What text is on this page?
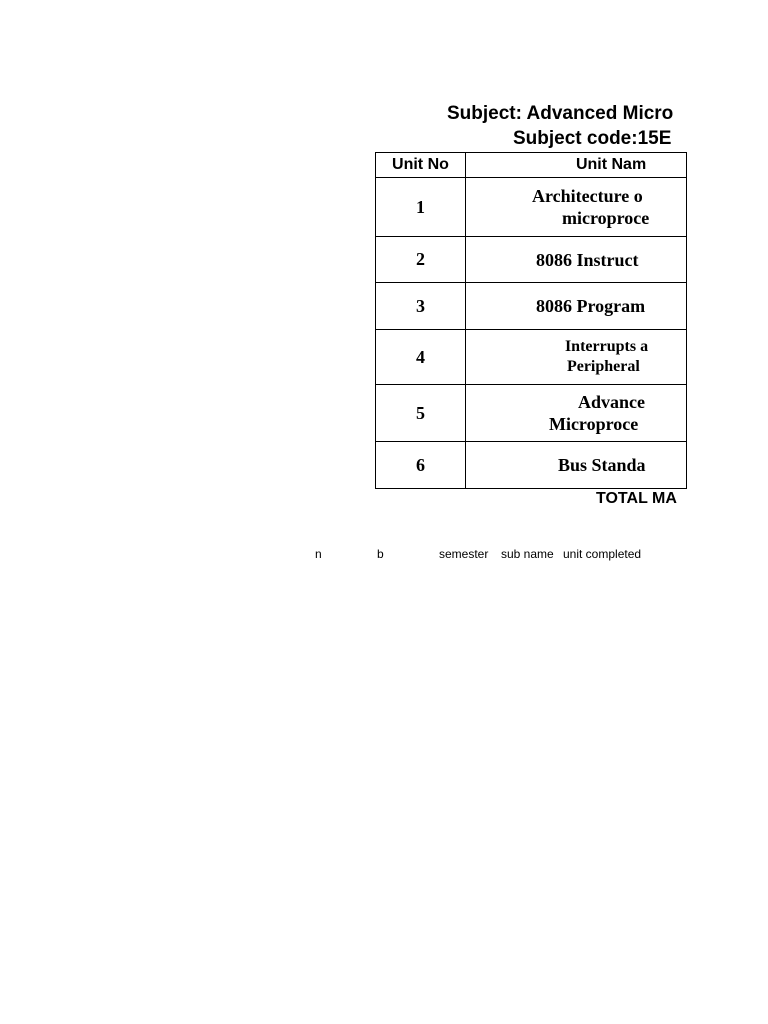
Subject: Advanced Micro
Subject code:15E
Unit No	Unit Nam
1	Architecture o
microproce

2	8086 Instruct

3	8086 Program

4	Interrupts a
Peripheral

5	Advance
Microproce

6	Bus Standa
TOTAL MA
n	b	semester sub name unit completed
